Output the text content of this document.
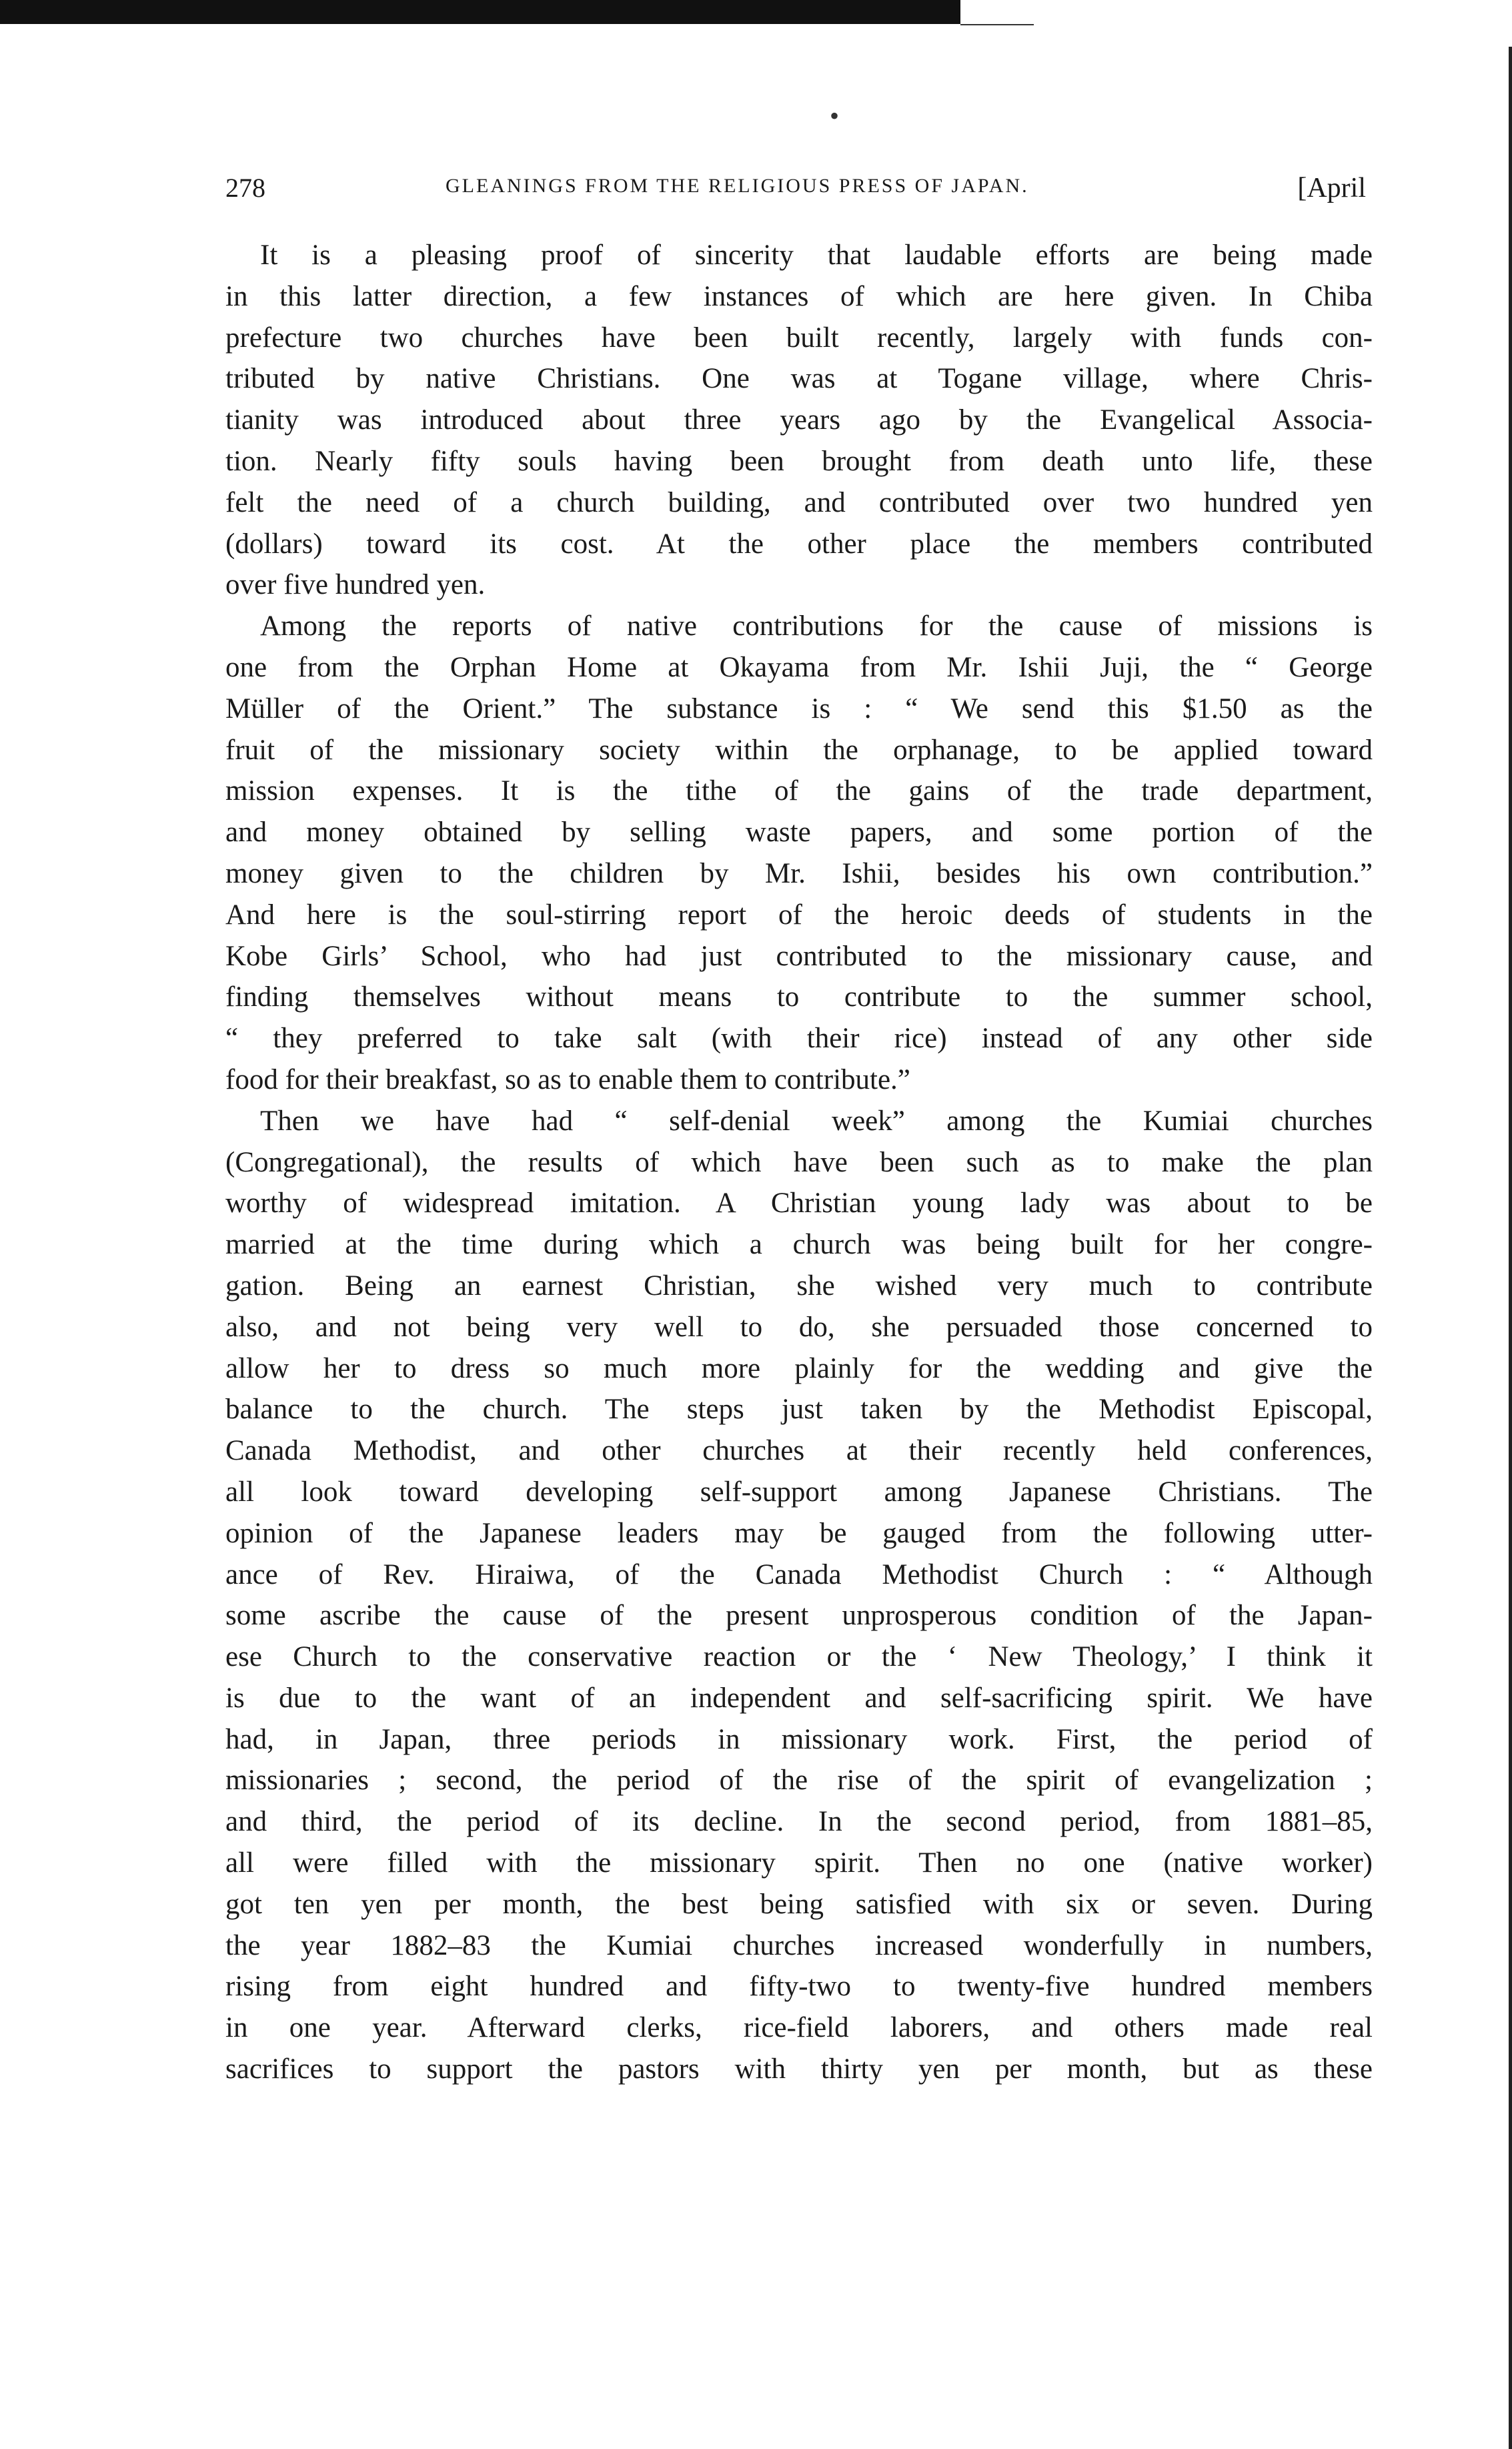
•
278	GLEANINGS FROM THE RELIGIOUS PRESS OF JAPAN.	[April
It is a pleasing proof of sincerity that laudable efforts are being made
in this latter direction, a few instances of which are here given. In Chiba
prefecture two churches have been built recently, largely with funds con-
tributed by native Christians. One was at Togane village, where Chris-
tianity was introduced about three years ago by the Evangelical Associa-
tion. Nearly fifty souls having been brought from death unto life, these
felt the need of a church building, and contributed over two hundred yen
(dollars) toward its cost. At the other place the members contributed
over five hundred yen.
Among the reports of native contributions for the cause of missions is
one from the Orphan Home at Okayama from Mr. Ishii Juji, the “ George
Müller of the Orient.” The substance is : “ We send this $1.50 as the
fruit of the missionary society within the orphanage, to be applied toward
mission expenses. It is the tithe of the gains of the trade department,
and money obtained by selling waste papers, and some portion of the
money given to the children by Mr. Ishii, besides his own contribution.”
And here is the soul-stirring report of the heroic deeds of students in the
Kobe Girls’ School, who had just contributed to the missionary cause, and
finding themselves without means to contribute to the summer school,
“ they preferred to take salt (with their rice) instead of any other side
food for their breakfast, so as to enable them to contribute.”
Then we have had “ self-denial week” among the Kumiai churches
(Congregational), the results of which have been such as to make the plan
worthy of widespread imitation. A Christian young lady was about to be
married at the time during which a church was being built for her congre-
gation. Being an earnest Christian, she wished very much to contribute
also, and not being very well to do, she persuaded those concerned to
allow her to dress so much more plainly for the wedding and give the
balance to the church. The steps just taken by the Methodist Episcopal,
Canada Methodist, and other churches at their recently held conferences,
all look toward developing self-support among Japanese Christians. The
opinion of the Japanese leaders may be gauged from the following utter-
ance of Rev. Hiraiwa, of the Canada Methodist Church : “ Although
some ascribe the cause of the present unprosperous condition of the Japan-
ese Church to the conservative reaction or the ‘ New Theology,’ I think it
is due to the want of an independent and self-sacrificing spirit. We have
had, in Japan, three periods in missionary work. First, the period of
missionaries ; second, the period of the rise of the spirit of evangelization ;
and third, the period of its decline. In the second period, from 1881–85,
all were filled with the missionary spirit. Then no one (native worker)
got ten yen per month, the best being satisfied with six or seven. During
the year 1882–83 the Kumiai churches increased wonderfully in numbers,
rising from eight hundred and fifty-two to twenty-five hundred members
in one year. Afterward clerks, rice-field laborers, and others made real
sacrifices to support the pastors with thirty yen per month, but as these
